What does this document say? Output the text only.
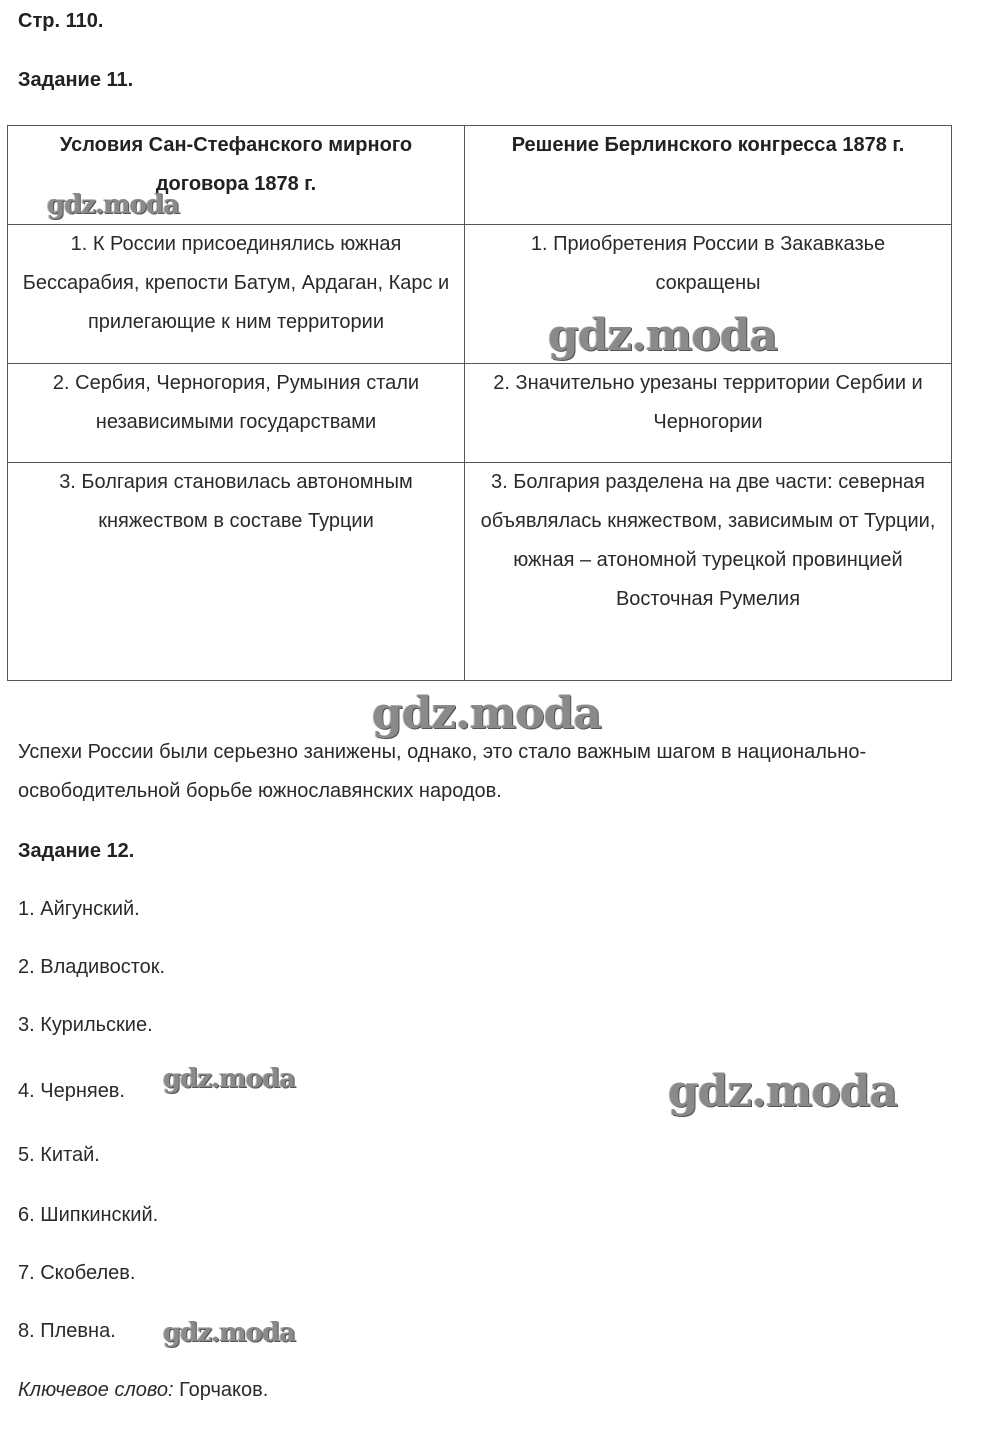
Стр. 110.
Задание 11.
Условия Сан-Стефанского мирного договора 1878 г.	Решение Берлинского конгресса 1878 г.
1. К России присоединялись южная Бессарабия, крепости Батум, Ардаган, Карс и прилегающие к ним территории	1. Приобретения России в Закавказье сокращены
2. Сербия, Черногория, Румыния стали независимыми государствами	2. Значительно урезаны территории Сербии и Черногории
3. Болгария становилась автономным княжеством в составе Турции	3. Болгария разделена на две части: северная объявлялась княжеством, зависимым от Турции, южная – атономной турецкой провинцией Восточная Румелия
Успехи России были серьезно занижены, однако, это стало важным шагом в национально-освободительной борьбе южнославянских народов.
Задание 12.
1. Айгунский.
2. Владивосток.
3. Курильские.
4. Черняев.
5. Китай.
6. Шипкинский.
7. Скобелев.
8. Плевна.
Ключевое слово: Горчаков.
gdz.moda
gdz.moda
gdz.moda
gdz.moda	gdz.moda
gdz.moda
